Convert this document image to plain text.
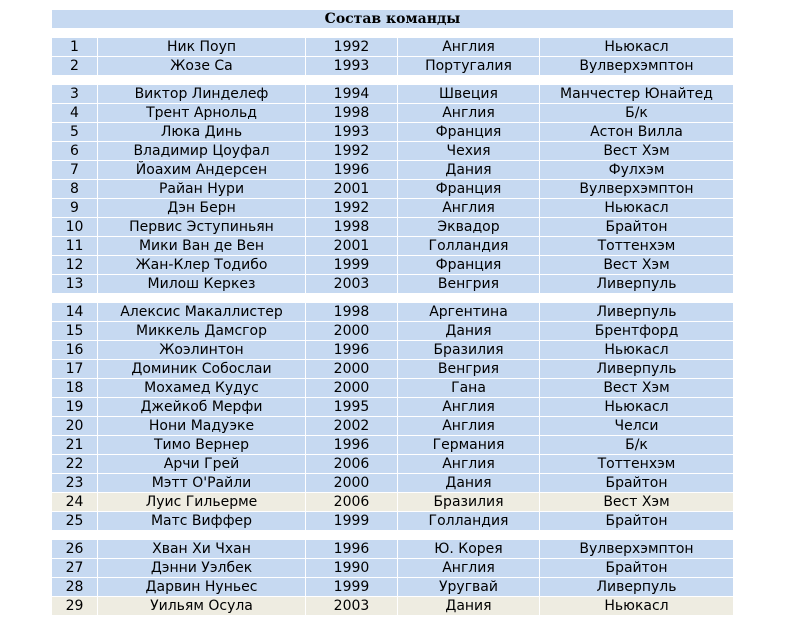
Состав команды
1	Ник Поуп	1992	Англия	Ньюкасл
2	Жозе Са	1993	Португалия	Вулверхэмптон
3	Виктор Линделеф	1994	Швеция	Манчестер Юнайтед
4	Трент Арнольд	1998	Англия	Б/к
5	Люка Динь	1993	Франция	Астон Вилла
6	Владимир Цоуфал	1992	Чехия	Вест Хэм
7	Йоахим Андерсен	1996	Дания	Фулхэм
8	Райан Нури	2001	Франция	Вулверхэмптон
9	Дэн Берн	1992	Англия	Ньюкасл
10	Первис Эступиньян	1998	Эквадор	Брайтон
11	Мики Ван де Вен	2001	Голландия	Тоттенхэм
12	Жан-Клер Тодибо	1999	Франция	Вест Хэм
13	Милош Керкез	2003	Венгрия	Ливерпуль
14	Алексис Макаллистер	1998	Аргентина	Ливерпуль
15	Миккель Дамсгор	2000	Дания	Брентфорд
16	Жоэлинтон	1996	Бразилия	Ньюкасл
17	Доминик Собослаи	2000	Венгрия	Ливерпуль
18	Мохамед Кудус	2000	Гана	Вест Хэм
19	Джейкоб Мерфи	1995	Англия	Ньюкасл
20	Нони Мадуэке	2002	Англия	Челси
21	Тимо Вернер	1996	Германия	Б/к
22	Арчи Грей	2006	Англия	Тоттенхэм
23	Мэтт О'Райли	2000	Дания	Брайтон
24	Луис Гильерме	2006	Бразилия	Вест Хэм
25	Матс Виффер	1999	Голландия	Брайтон
26	Хван Хи Чхан	1996	Ю. Корея	Вулверхэмптон
27	Дэнни Уэлбек	1990	Англия	Брайтон
28	Дарвин Нуньес	1999	Уругвай	Ливерпуль
29	Уильям Осула	2003	Дания	Ньюкасл
